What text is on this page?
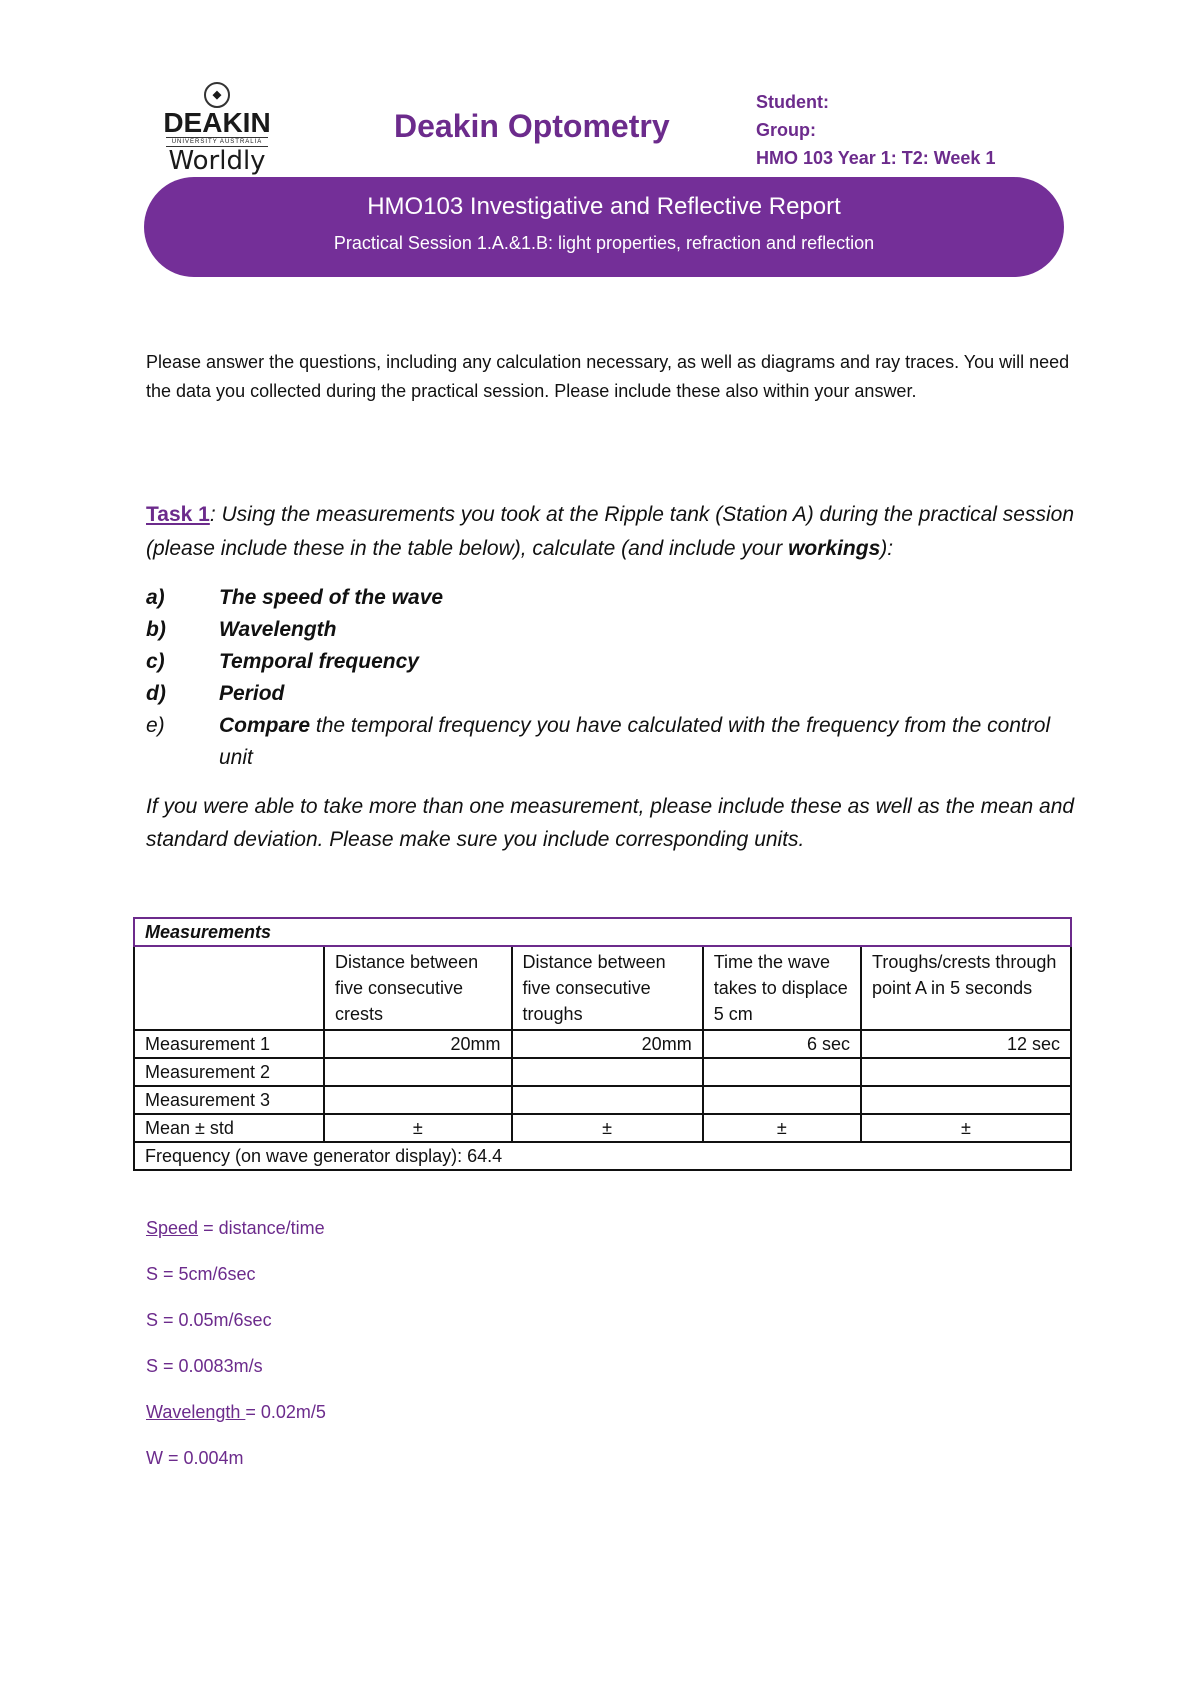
◆
DEAKIN
UNIVERSITY AUSTRALIA
Worldly
Deakin Optometry
Student:
Group:
HMO 103 Year 1: T2: Week 1
HMO103 Investigative and Reflective Report
Practical Session 1.A.&1.B: light properties, refraction and reflection
Please answer the questions, including any calculation necessary, as well as diagrams and ray traces. You will need the data you collected during the practical session. Please include these also within your answer.
Task 1: Using the measurements you took at the Ripple tank (Station A) during the practical session (please include these in the table below), calculate (and include your workings):
a)	The speed of the wave
b)	Wavelength
c)	Temporal frequency
d)	Period
e)	Compare the temporal frequency you have calculated with the frequency from the control unit
If you were able to take more than one measurement, please include these as well as the mean and standard deviation. Please make sure you include corresponding units.
Measurements				
	Distance between five consecutive crests	Distance between five consecutive troughs	Time the wave takes to displace 5 cm	Troughs/crests through point A in 5 seconds
Measurement 1	20mm	20mm	6 sec	12 sec
Measurement 2				
Measurement 3				
Mean ± std	±	±	±	±
Frequency (on wave generator display): 64.4				
Speed = distance/time
S = 5cm/6sec
S = 0.05m/6sec
S = 0.0083m/s
Wavelength = 0.02m/5
W = 0.004m
